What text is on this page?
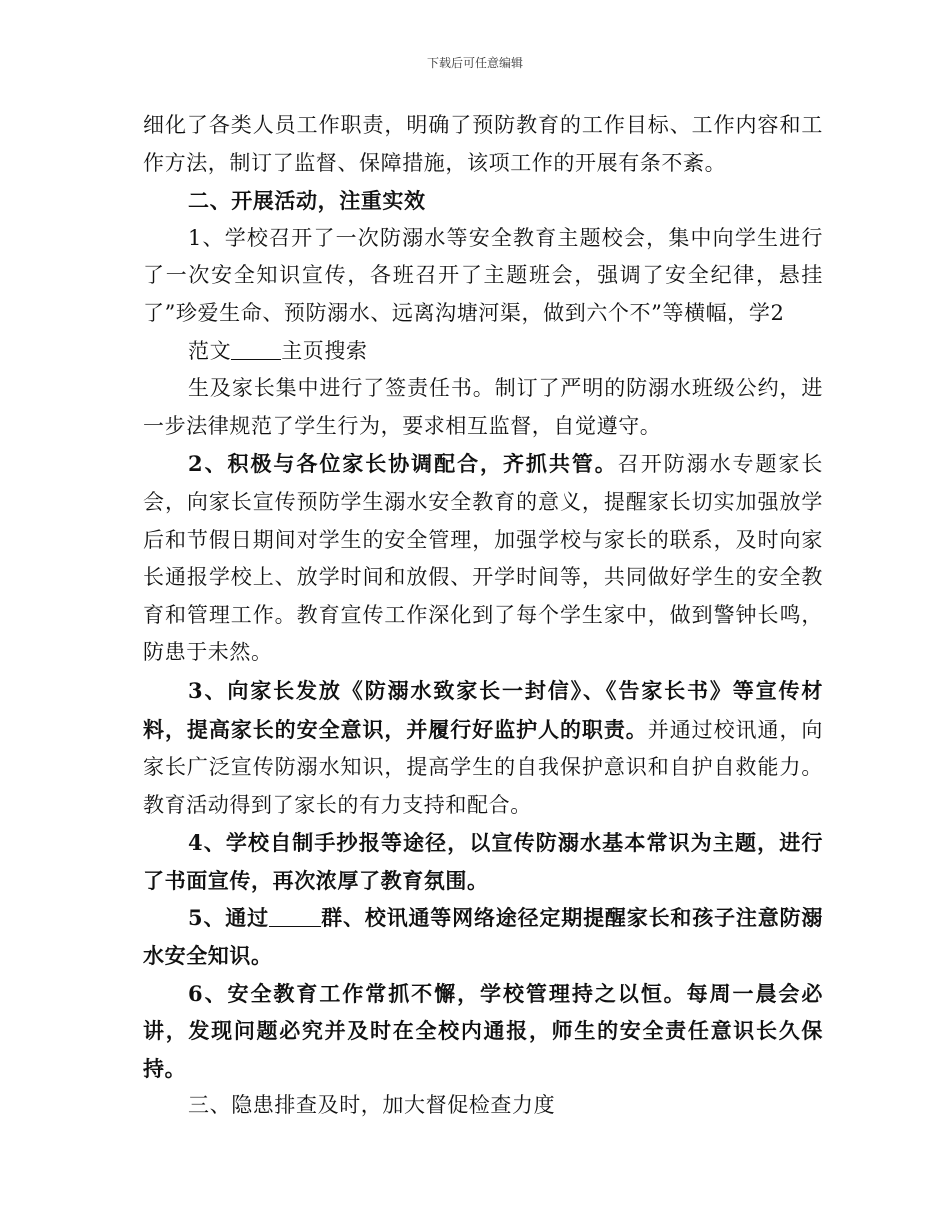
下载后可任意编辑

细化了各类人员工作职责，明确了预防教育的工作目标、工作内容和工作方法，制订了监督、保障措施，该项工作的开展有条不紊。

二、开展活动，注重实效

1、学校召开了一次防溺水等安全教育主题校会，集中向学生进行了一次安全知识宣传，各班召开了主题班会，强调了安全纪律，悬挂了”珍爱生命、预防溺水、远离沟塘河渠，做到六个不”等横幅，学2

范文 主页搜索

生及家长集中进行了签责任书。制订了严明的防溺水班级公约，进一步法律规范了学生行为，要求相互监督，自觉遵守。

2、积极与各位家长协调配合，齐抓共管。召开防溺水专题家长会，向家长宣传预防学生溺水安全教育的意义，提醒家长切实加强放学后和节假日期间对学生的安全管理，加强学校与家长的联系，及时向家长通报学校上、放学时间和放假、开学时间等，共同做好学生的安全教育和管理工作。教育宣传工作深化到了每个学生家中，做到警钟长鸣，防患于未然。

3、向家长发放《防溺水致家长一封信》、《告家长书》等宣传材料，提高家长的安全意识，并履行好监护人的职责。并通过校讯通，向家长广泛宣传防溺水知识，提高学生的自我保护意识和自护自救能力。教育活动得到了家长的有力支持和配合。

4、学校自制手抄报等途径，以宣传防溺水基本常识为主题，进行了书面宣传，再次浓厚了教育氛围。

5、通过 群、校讯通等网络途径定期提醒家长和孩子注意防溺水安全知识。

6、安全教育工作常抓不懈，学校管理持之以恒。每周一晨会必讲，发现问题必究并及时在全校内通报，师生的安全责任意识长久保持。

三、隐患排查及时，加大督促检查力度
